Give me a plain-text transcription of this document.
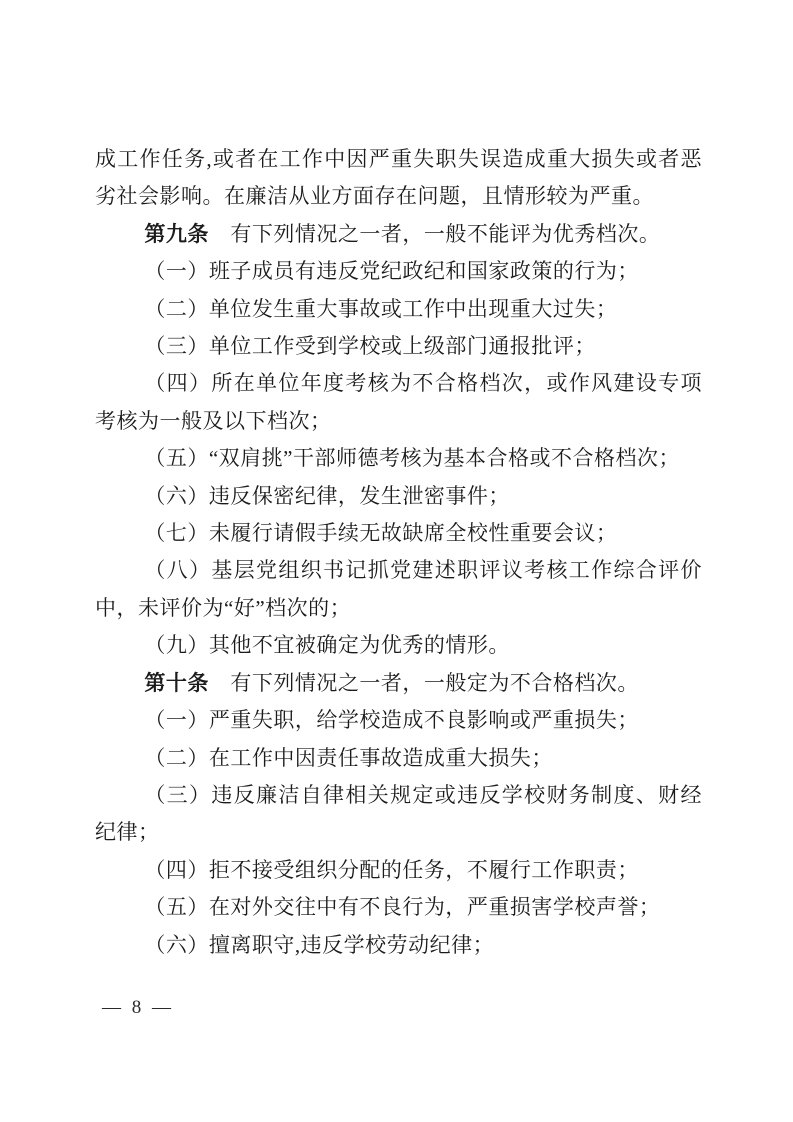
成工作任务,或者在工作中因严重失职失误造成重大损失或者恶劣社会影响。在廉洁从业方面存在问题，且情形较为严重。

第九条　有下列情况之一者，一般不能评为优秀档次。

（一）班子成员有违反党纪政纪和国家政策的行为；

（二）单位发生重大事故或工作中出现重大过失；

（三）单位工作受到学校或上级部门通报批评；

（四）所在单位年度考核为不合格档次，或作风建设专项考核为一般及以下档次；

（五）“双肩挑”干部师德考核为基本合格或不合格档次；

（六）违反保密纪律，发生泄密事件；

（七）未履行请假手续无故缺席全校性重要会议；

（八）基层党组织书记抓党建述职评议考核工作综合评价中，未评价为“好”档次的；

（九）其他不宜被确定为优秀的情形。

第十条　有下列情况之一者，一般定为不合格档次。

（一）严重失职，给学校造成不良影响或严重损失；

（二）在工作中因责任事故造成重大损失；

（三）违反廉洁自律相关规定或违反学校财务制度、财经纪律；

（四）拒不接受组织分配的任务，不履行工作职责；

（五）在对外交往中有不良行为，严重损害学校声誉；

（六）擅离职守,违反学校劳动纪律；

— 8 —
